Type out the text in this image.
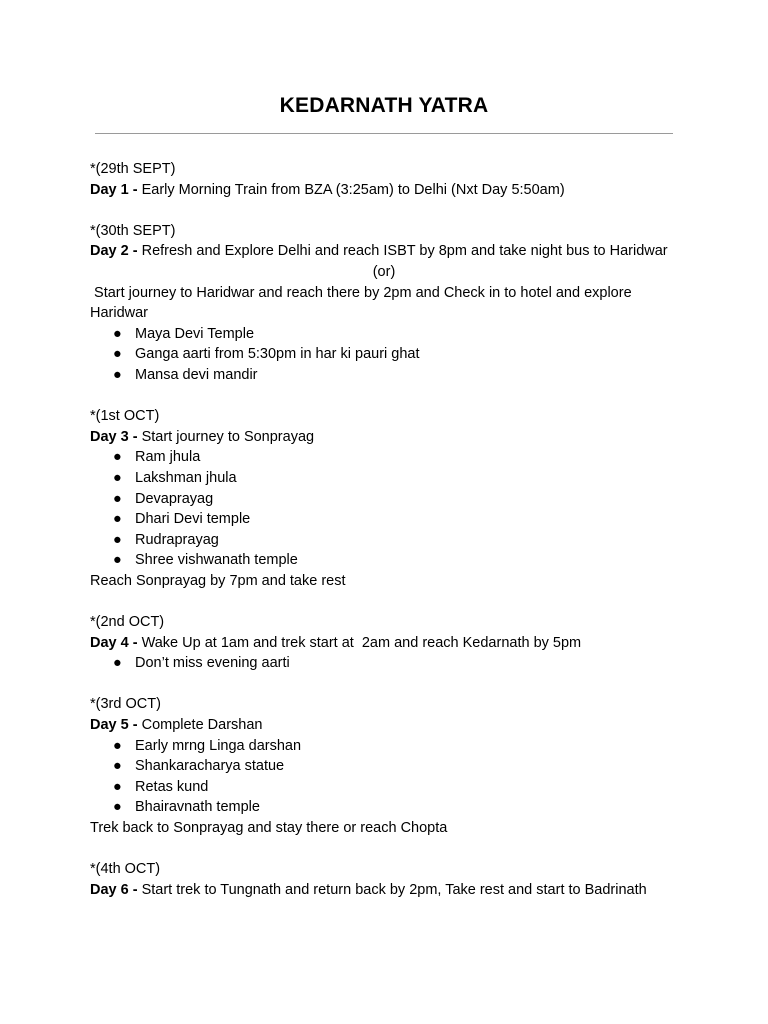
KEDARNATH YATRA
*(29th SEPT)
Day 1 - Early Morning Train from BZA (3:25am) to Delhi (Nxt Day 5:50am)
*(30th SEPT)
Day 2 - Refresh and Explore Delhi and reach ISBT by 8pm and take night bus to Haridwar
(or)
Start journey to Haridwar and reach there by 2pm and Check in to hotel and explore Haridwar
● Maya Devi Temple
● Ganga aarti from 5:30pm in har ki pauri ghat
● Mansa devi mandir
*(1st OCT)
Day 3 - Start journey to Sonprayag
● Ram jhula
● Lakshman jhula
● Devaprayag
● Dhari Devi temple
● Rudraprayag
● Shree vishwanath temple
Reach Sonprayag by 7pm and take rest
*(2nd OCT)
Day 4 - Wake Up at 1am and trek start at  2am and reach Kedarnath by 5pm
● Don’t miss evening aarti
*(3rd OCT)
Day 5 - Complete Darshan
● Early mrng Linga darshan
● Shankaracharya statue
● Retas kund
● Bhairavnath temple
Trek back to Sonprayag and stay there or reach Chopta
*(4th OCT)
Day 6 - Start trek to Tungnath and return back by 2pm, Take rest and start to Badrinath
